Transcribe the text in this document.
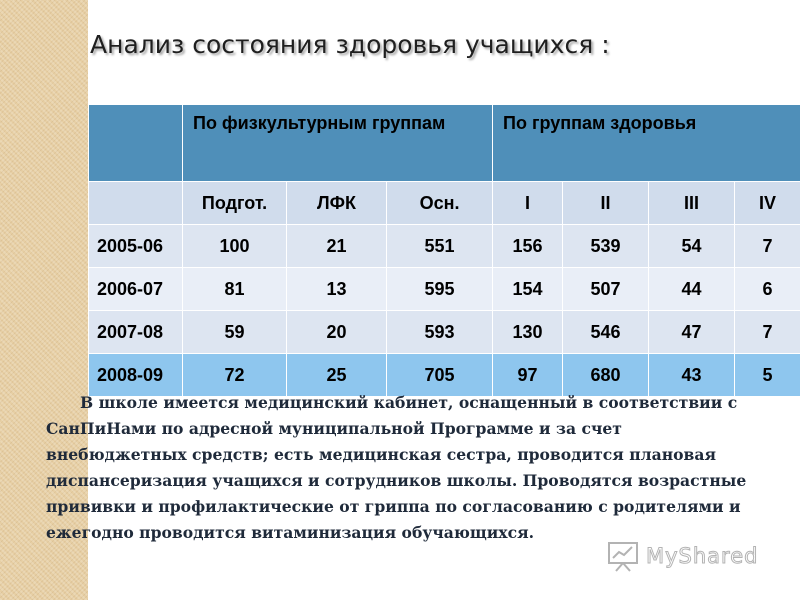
Анализ состояния здоровья учащихся :
	По физкультурным группам			По группам здоровья			
	Подгот.	ЛФК	Осн.	I	II	III	IV
2005-06	100	21	551	156	539	54	7
2006-07	81	13	595	154	507	44	6
2007-08	59	20	593	130	546	47	7
2008-09	72	25	705	97	680	43	5

В школе имеется медицинский кабинет, оснащенный в соответствии с СанПиНами по адресной муниципальной Программе и за счет внебюджетных средств; есть медицинская сестра, проводится плановая диспансеризация учащихся и сотрудников школы. Проводятся возрастные прививки и профилактические от гриппа по согласованию с родителями и ежегодно проводится витаминизация обучающихся.

MyShared
